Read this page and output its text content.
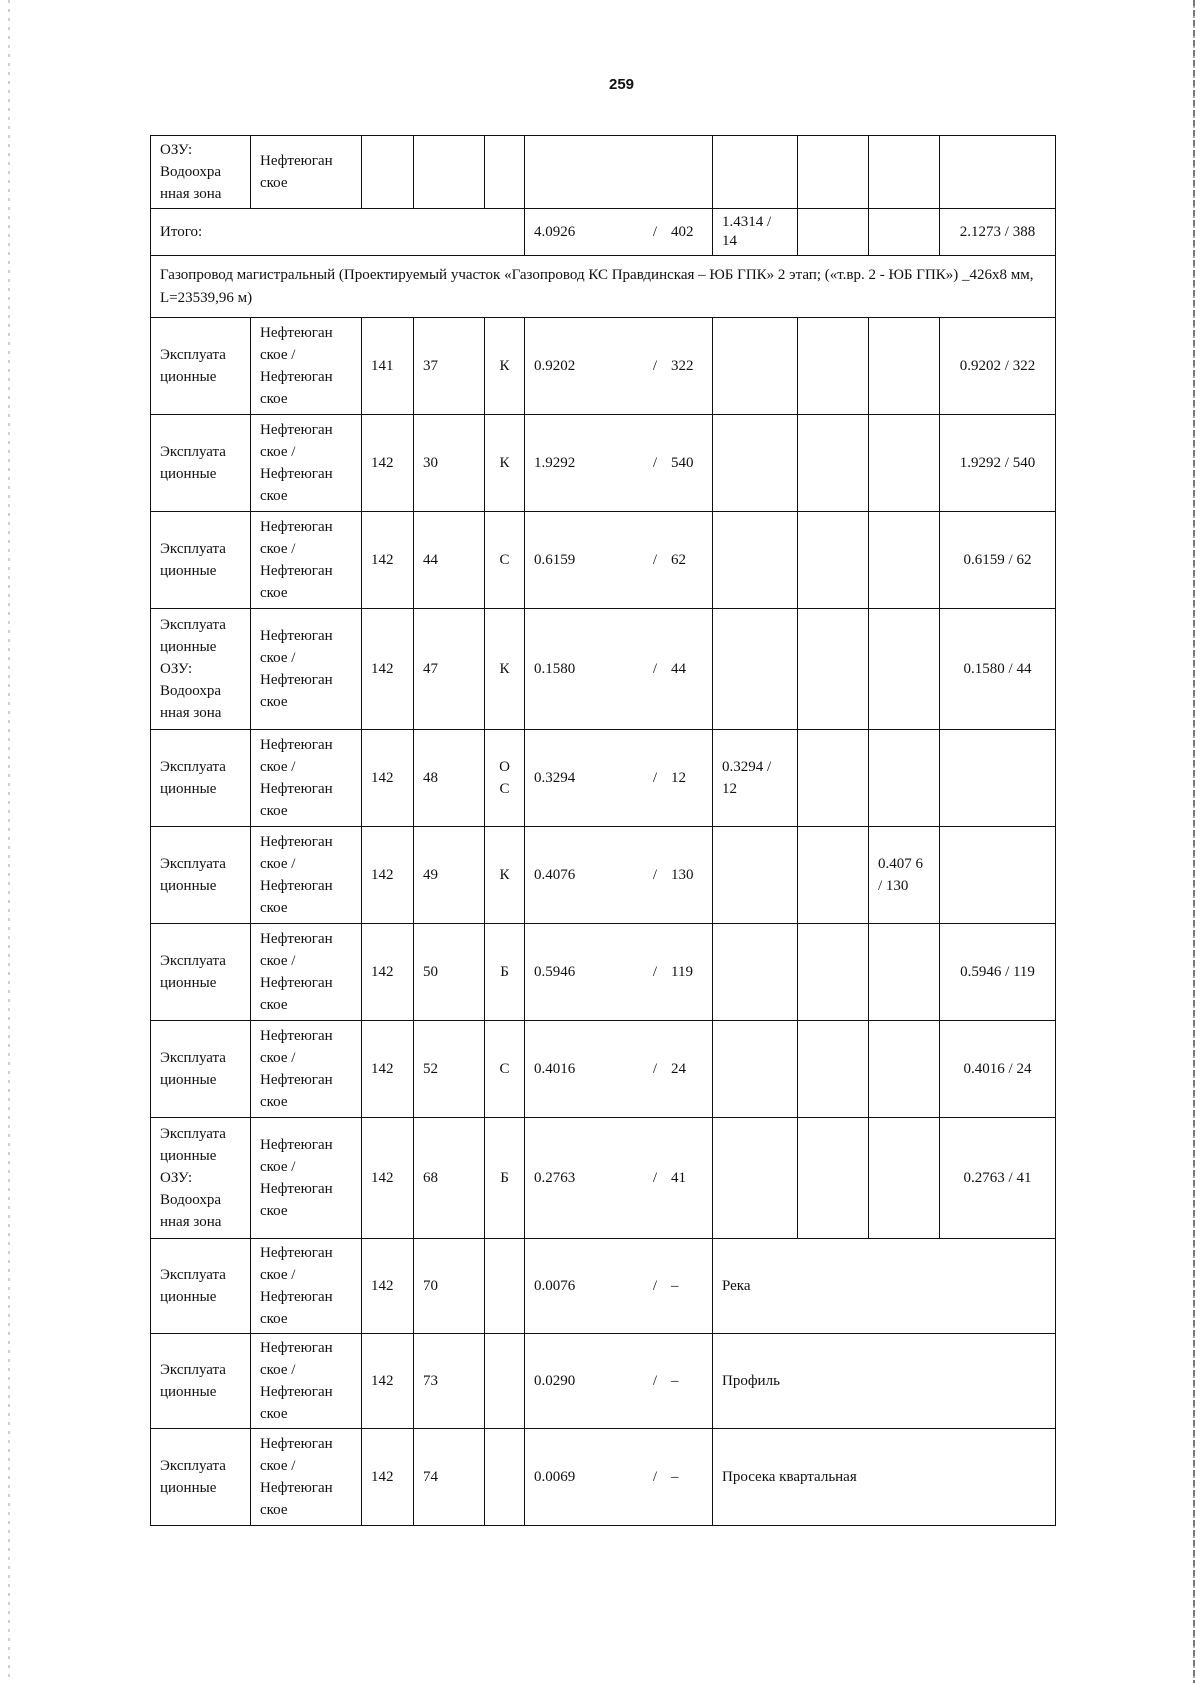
259
ОЗУ: Водоохра нная зона	Нефтеюган ское								
Итого:					4.0926 / 402	1.4314 / 14			2.1273 / 388
Газопровод магистральный (Проектируемый участок «Газопровод КС Правдинская – ЮБ ГПК» 2 этап; («т.вр. 2 - ЮБ ГПК») _426х8 мм, L=23539,96 м)									
Эксплуата ционные	Нефтеюган ское / Нефтеюган ское	141	37	К	0.9202 / 322				0.9202 / 322
Эксплуата ционные	Нефтеюган ское / Нефтеюган ское	142	30	К	1.9292 / 540				1.9292 / 540
Эксплуата ционные	Нефтеюган ское / Нефтеюган ское	142	44	С	0.6159 / 62				0.6159 / 62
Эксплуата ционные ОЗУ: Водоохра нная зона	Нефтеюган ское / Нефтеюган ское	142	47	К	0.1580 / 44				0.1580 / 44
Эксплуата ционные	Нефтеюган ское / Нефтеюган ское	142	48	О С	0.3294 / 12	0.3294 / 12			
Эксплуата ционные	Нефтеюган ское / Нефтеюган ское	142	49	К	0.4076 / 130			0.407 6 / 130	
Эксплуата ционные	Нефтеюган ское / Нефтеюган ское	142	50	Б	0.5946 / 119				0.5946 / 119
Эксплуата ционные	Нефтеюган ское / Нефтеюган ское	142	52	С	0.4016 / 24				0.4016 / 24
Эксплуата ционные ОЗУ: Водоохра нная зона	Нефтеюган ское / Нефтеюган ское	142	68	Б	0.2763 / 41				0.2763 / 41
Эксплуата ционные	Нефтеюган ское / Нефтеюган ское	142	70		0.0076 / –	Река			
Эксплуата ционные	Нефтеюган ское / Нефтеюган ское	142	73		0.0290 / –	Профиль			
Эксплуата ционные	Нефтеюган ское / Нефтеюган ское	142	74		0.0069 / –	Просека квартальная			
